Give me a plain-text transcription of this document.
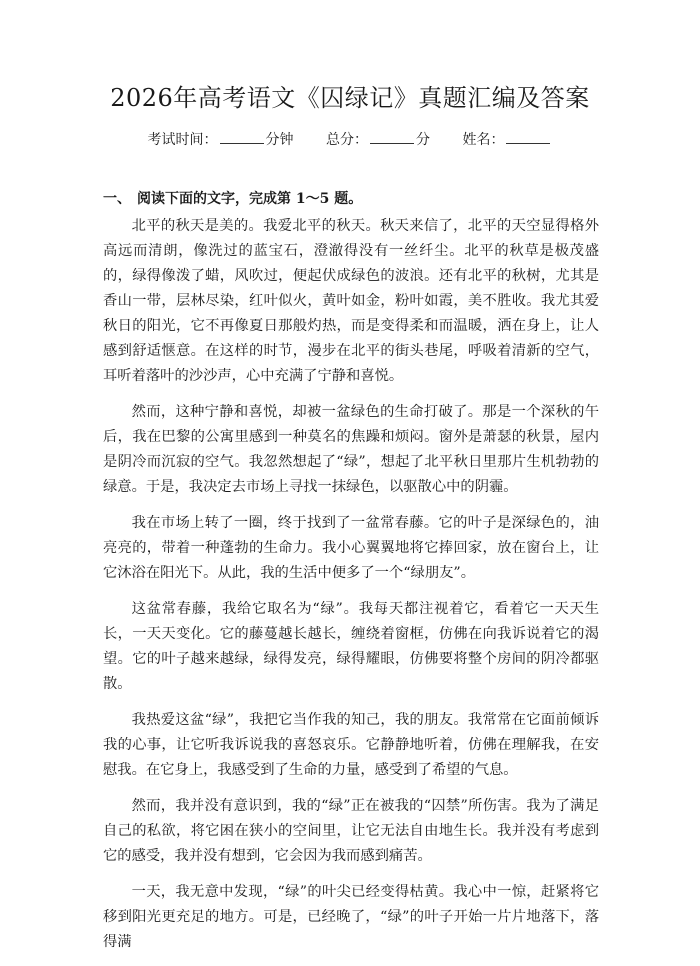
2026年高考语文《囚绿记》真题汇编及答案
考试时间：	分钟 总分：	分 姓名：
一、 阅读下面的文字，完成第 1～5 题。

北平的秋天是美的。我爱北平的秋天。秋天来信了，北平的天空显得格外高远而清朗，像洗过的蓝宝石，澄澈得没有一丝纤尘。北平的秋草是极茂盛的，绿得像泼了蜡，风吹过，便起伏成绿色的波浪。还有北平的秋树，尤其是香山一带，层林尽染，红叶似火，黄叶如金，粉叶如霞，美不胜收。我尤其爱秋日的阳光，它不再像夏日那般灼热，而是变得柔和而温暖，洒在身上，让人感到舒适惬意。在这样的时节，漫步在北平的街头巷尾，呼吸着清新的空气，耳听着落叶的沙沙声，心中充满了宁静和喜悦。

然而，这种宁静和喜悦，却被一盆绿色的生命打破了。那是一个深秋的午后，我在巴黎的公寓里感到一种莫名的焦躁和烦闷。窗外是萧瑟的秋景，屋内是阴冷而沉寂的空气。我忽然想起了“绿”，想起了北平秋日里那片生机勃勃的绿意。于是，我决定去市场上寻找一抹绿色，以驱散心中的阴霾。

我在市场上转了一圈，终于找到了一盆常春藤。它的叶子是深绿色的，油亮亮的，带着一种蓬勃的生命力。我小心翼翼地将它捧回家，放在窗台上，让它沐浴在阳光下。从此，我的生活中便多了一个“绿朋友”。

这盆常春藤，我给它取名为“绿”。我每天都注视着它，看着它一天天生长，一天天变化。它的藤蔓越长越长，缠绕着窗框，仿佛在向我诉说着它的渴望。它的叶子越来越绿，绿得发亮，绿得耀眼，仿佛要将整个房间的阴冷都驱散。

我热爱这盆“绿”，我把它当作我的知己，我的朋友。我常常在它面前倾诉我的心事，让它听我诉说我的喜怒哀乐。它静静地听着，仿佛在理解我，在安慰我。在它身上，我感受到了生命的力量，感受到了希望的气息。

然而，我并没有意识到，我的“绿”正在被我的“囚禁”所伤害。我为了满足自己的私欲，将它困在狭小的空间里，让它无法自由地生长。我并没有考虑到它的感受，我并没有想到，它会因为我而感到痛苦。

一天，我无意中发现，“绿”的叶尖已经变得枯黄。我心中一惊，赶紧将它移到阳光更充足的地方。可是，已经晚了，“绿”的叶子开始一片片地落下，落得满
